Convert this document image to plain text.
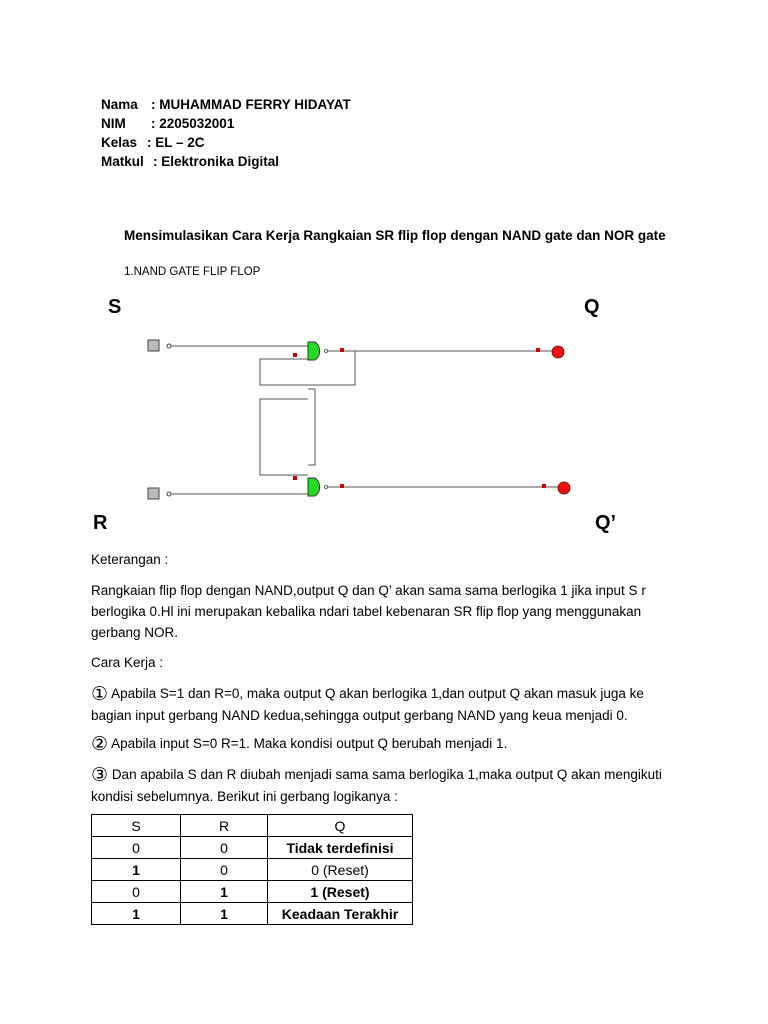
Nama : MUHAMMAD FERRY HIDAYAT
NIM	: 2205032001
Kelas : EL – 2C
Matkul : Elektronika Digital
Mensimulasikan Cara Kerja Rangkaian SR flip flop dengan NAND gate dan NOR gate
1.NAND GATE FLIP FLOP
S	Q
R	Q’
Keterangan :
Rangkaian flip flop dengan NAND,output Q dan Q’ akan sama sama berlogika 1 jika input S r berlogika 0.Hl ini merupakan kebalika ndari tabel kebenaran SR flip flop yang menggunakan gerbang NOR.
Cara Kerja :
① Apabila S=1 dan R=0, maka output Q akan berlogika 1,dan output Q akan masuk juga ke bagian input gerbang NAND kedua,sehingga output gerbang NAND yang keua menjadi 0.
② Apabila input S=0 R=1. Maka kondisi output Q berubah menjadi 1.
③ Dan apabila S dan R diubah menjadi sama sama berlogika 1,maka output Q akan mengikuti kondisi sebelumnya. Berikut ini gerbang logikanya :
S	R	Q
0	0	Tidak terdefinisi
1	0	0 (Reset)
0	1	1 (Reset)
1	1	Keadaan Terakhir
